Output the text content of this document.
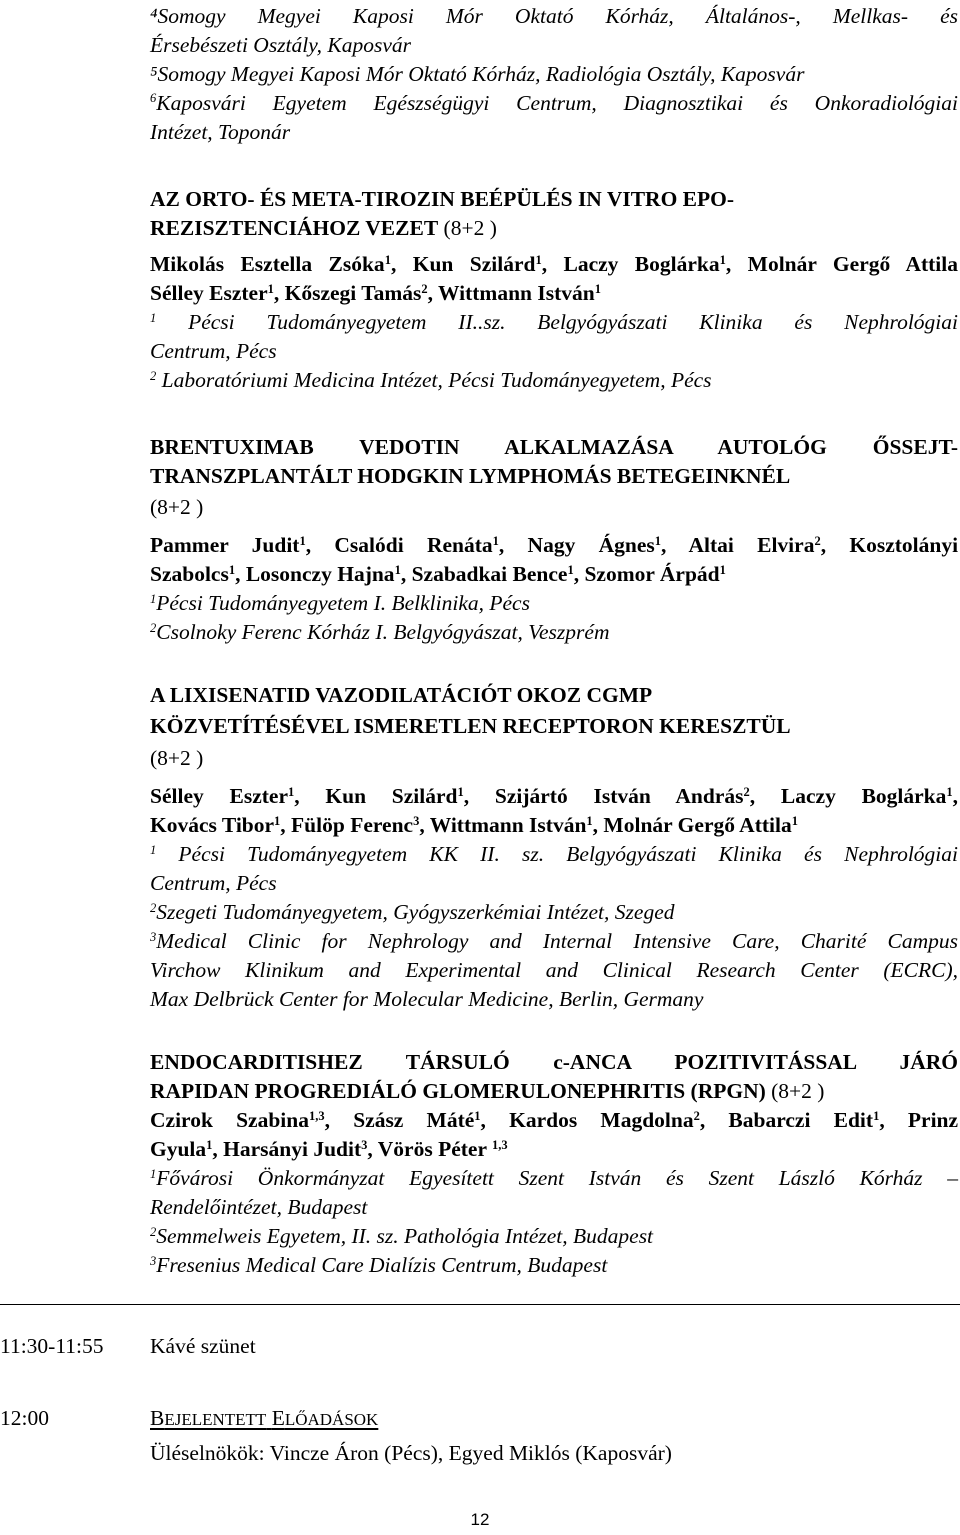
⁴Somogy Megyei Kaposi Mór Oktató Kórház, Általános-, Mellkas- és
Érsebészeti Osztály, Kaposvár
⁵Somogy Megyei Kaposi Mór Oktató Kórház, Radiológia Osztály, Kaposvár
$^6$Kaposvári Egyetem Egészségügyi Centrum, Diagnosztikai és Onkoradiológiai
Intézet, Toponár
AZ ORTO- ÉS META-TIROZIN BEÉPÜLÉS IN VITRO EPO-
REZISZTENCIÁHOZ VEZET (8+2 )
Mikolás Esztella Zsóka$^1$, Kun Szilárd$^1$, Laczy Boglárka$^1$, Molnár Gergő Attila
Sélley Eszter$^1$, Kőszegi Tamás$^2$, Wittmann István$^1$
$^1$ Pécsi Tudományegyetem II..sz. Belgyógyászati Klinika és Nephrológiai
Centrum, Pécs
$^2$ Laboratóriumi Medicina Intézet, Pécsi Tudományegyetem, Pécs
BRENTUXIMAB VEDOTIN ALKALMAZÁSA AUTOLÓG ŐSSEJT-
TRANSZPLANTÁLT HODGKIN LYMPHOMÁS BETEGEINKNÉL
(8+2 )
Pammer Judit$^1$, Csalódi Renáta$^1$, Nagy Ágnes$^1$, Altai Elvira$^2$, Kosztolányi
Szabolcs$^1$, Losonczy Hajna$^1$, Szabadkai Bence$^1$, Szomor Árpád$^1$
$^1$Pécsi Tudományegyetem I. Belklinika, Pécs
$^2$Csolnoky Ferenc Kórház I. Belgyógyászat, Veszprém
A LIXISENATID VAZODILATÁCIÓT OKOZ CGMP
KÖZVETÍTÉSÉVEL ISMERETLEN RECEPTORON KERESZTÜL
(8+2 )
Sélley Eszter$^1$, Kun Szilárd$^1$, Szijártó István András$^2$, Laczy Boglárka$^1$,
Kovács Tibor$^1$, Fülöp Ferenc$^3$, Wittmann István$^1$, Molnár Gergő Attila$^1$
$^1$ Pécsi Tudományegyetem KK II. sz. Belgyógyászati Klinika és Nephrológiai
Centrum, Pécs
$^2$Szegeti Tudományegyetem, Gyógyszerkémiai Intézet, Szeged
$^3$Medical Clinic for Nephrology and Internal Intensive Care, Charité Campus
Virchow Klinikum and Experimental and Clinical Research Center (ECRC),
Max Delbrück Center for Molecular Medicine, Berlin, Germany
ENDOCARDITISHEZ TÁRSULÓ c-ANCA POZITIVITÁSSAL JÁRÓ
RAPIDAN PROGREDIÁLÓ GLOMERULONEPHRITIS (RPGN) (8+2 )
Czirok Szabina$^{1,3}$, Szász Máté$^1$, Kardos Magdolna$^2$, Babarczi Edit$^1$, Prinz
Gyula$^1$, Harsányi Judit$^3$, Vörös Péter $^{1,3}$
$^1$Fővárosi Önkormányzat Egyesített Szent István és Szent László Kórház –
Rendelőintézet, Budapest
$^2$Semmelweis Egyetem, II. sz. Pathológia Intézet, Budapest
$^3$Fresenius Medical Care Dialízis Centrum, Budapest
11:30-11:55 Kávé szünet
12:00	BEJELENTETT ELŐADÁSOK
Üléselnökök: Vincze Áron (Pécs), Egyed Miklós (Kaposvár)
12
